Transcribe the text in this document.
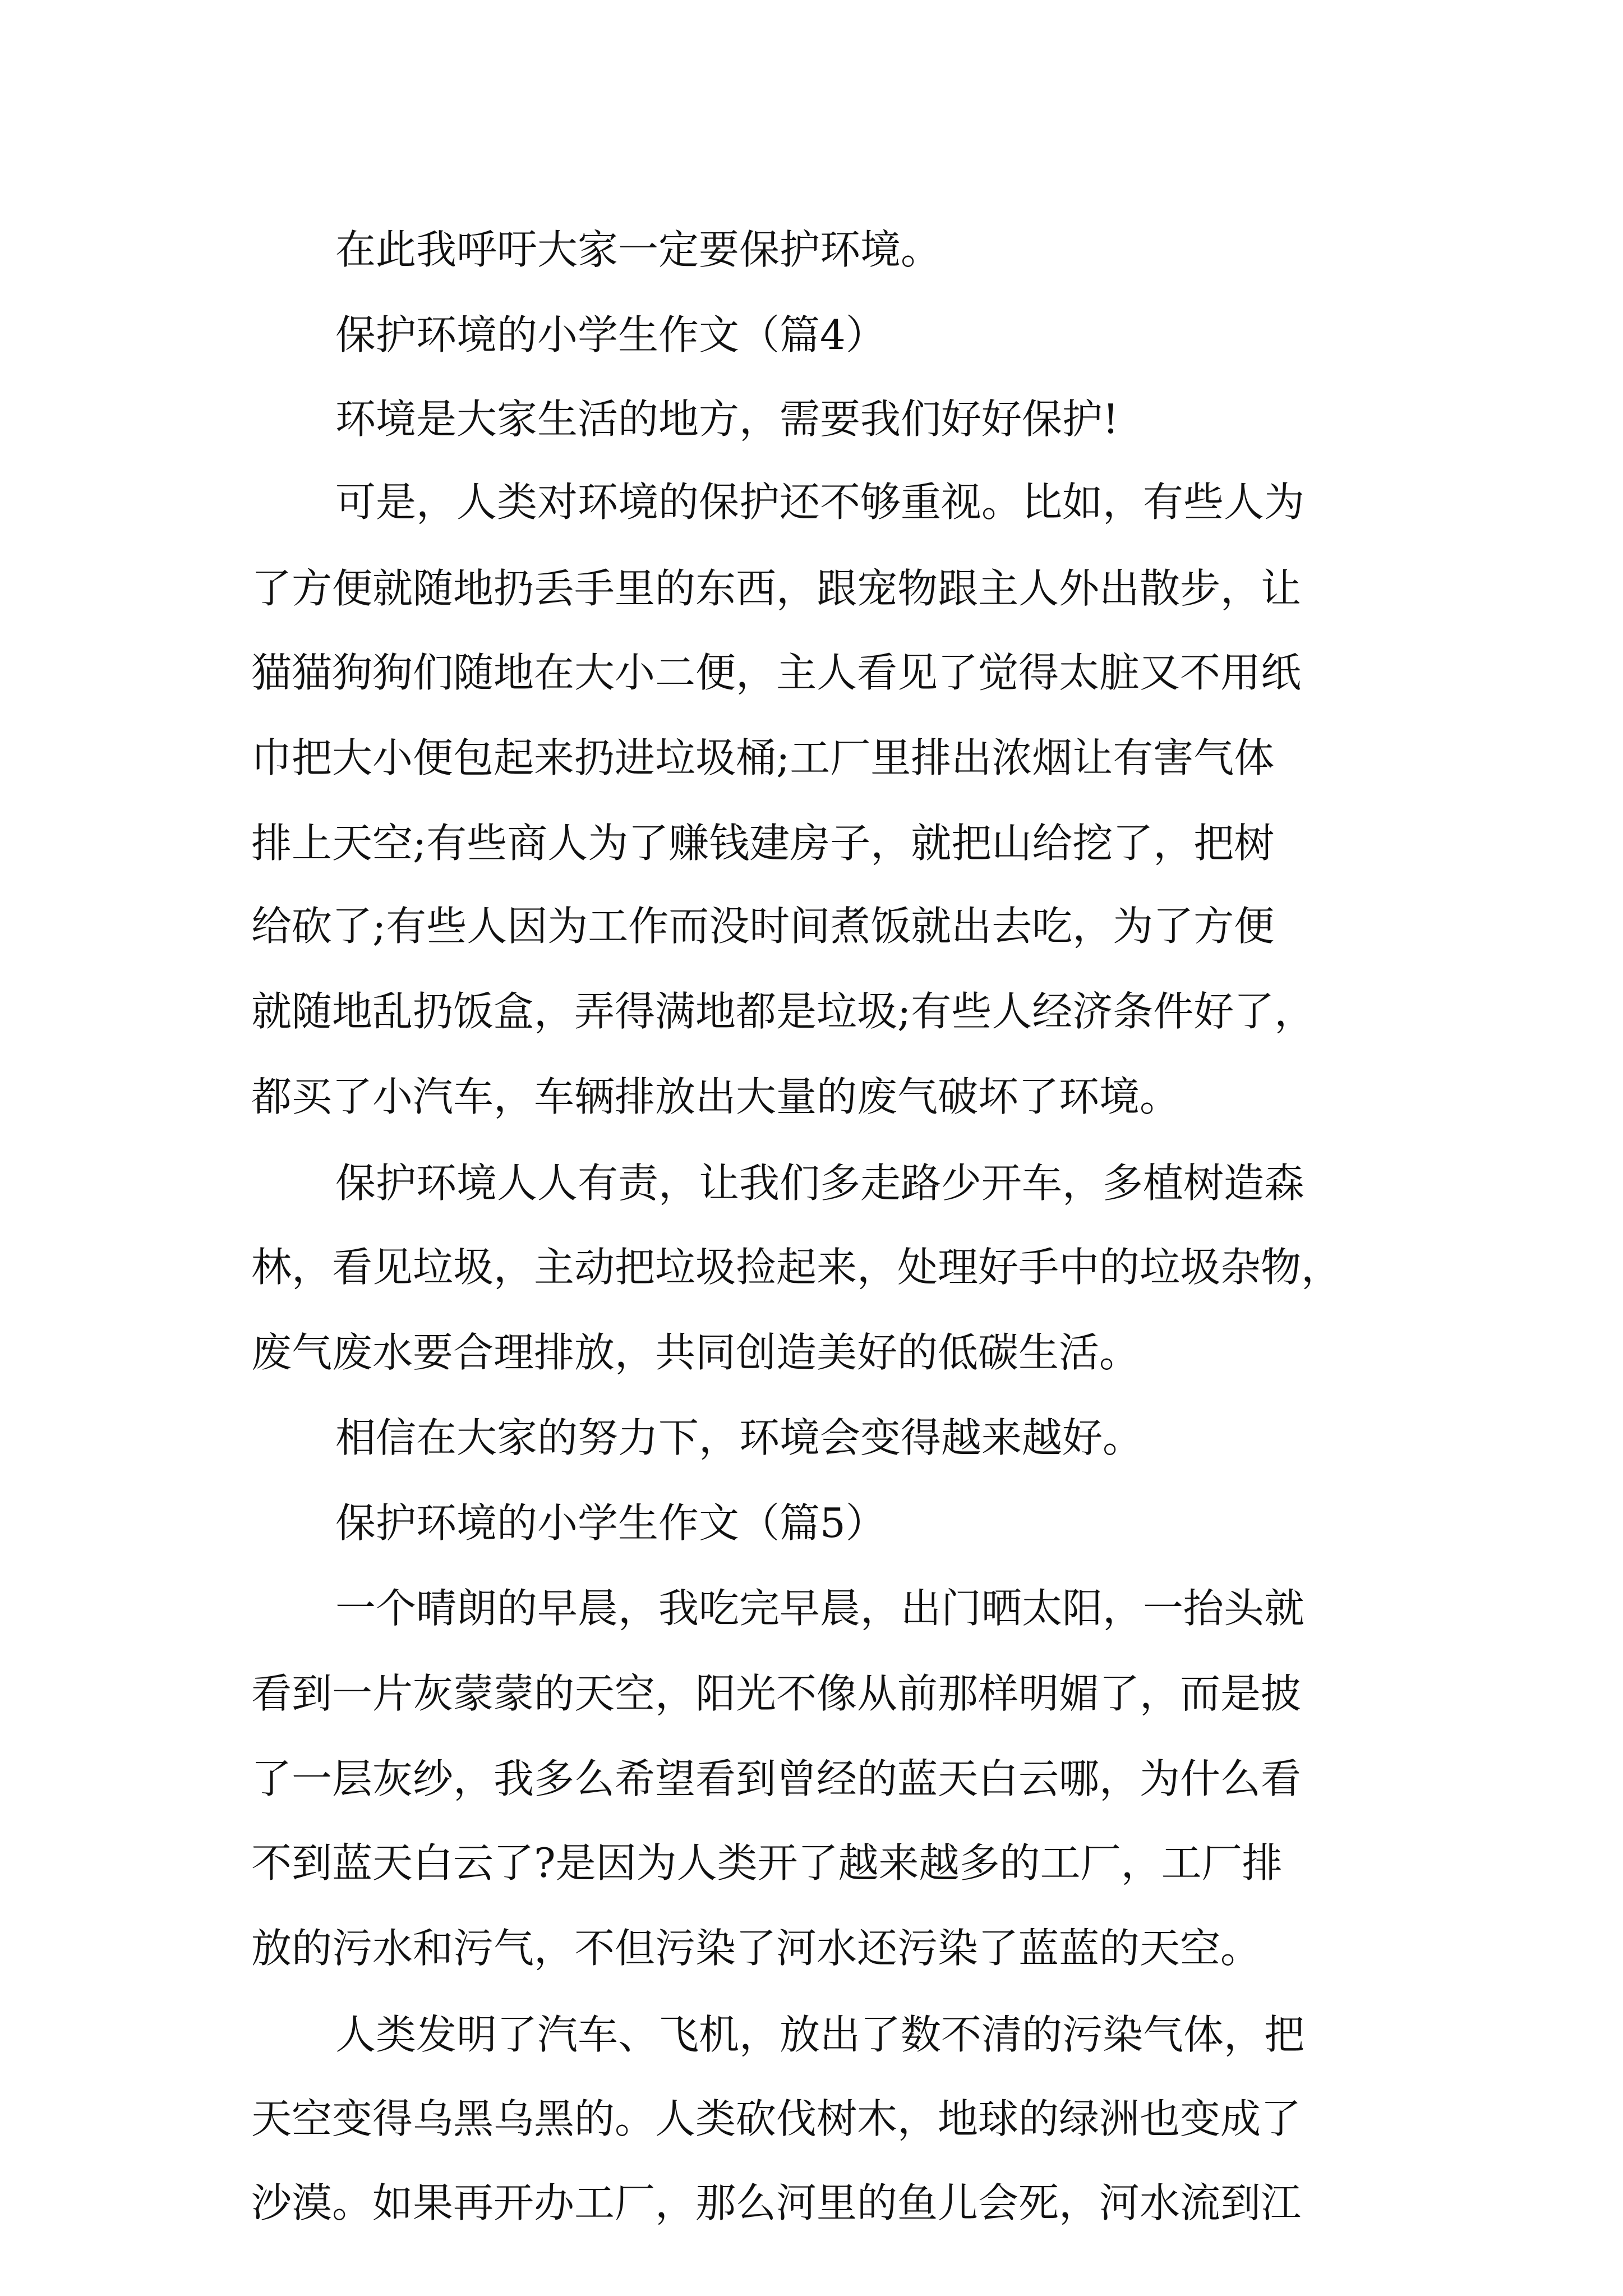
在此我呼吁大家一定要保护环境。

保护环境的小学生作文（篇4）

环境是大家生活的地方，需要我们好好保护!

可是，人类对环境的保护还不够重视。比如，有些人为

了方便就随地扔丢手里的东西，跟宠物跟主人外出散步，让

猫猫狗狗们随地在大小二便，主人看见了觉得太脏又不用纸

巾把大小便包起来扔进垃圾桶;工厂里排出浓烟让有害气体

排上天空;有些商人为了赚钱建房子，就把山给挖了，把树

给砍了;有些人因为工作而没时间煮饭就出去吃，为了方便

就随地乱扔饭盒，弄得满地都是垃圾;有些人经济条件好了，

都买了小汽车，车辆排放出大量的废气破坏了环境。

保护环境人人有责，让我们多走路少开车，多植树造森

林，看见垃圾，主动把垃圾捡起来，处理好手中的垃圾杂物，

废气废水要合理排放，共同创造美好的低碳生活。

相信在大家的努力下，环境会变得越来越好。

保护环境的小学生作文（篇5）

一个晴朗的早晨，我吃完早晨，出门晒太阳，一抬头就

看到一片灰蒙蒙的天空，阳光不像从前那样明媚了，而是披

了一层灰纱，我多么希望看到曾经的蓝天白云哪，为什么看

不到蓝天白云了?是因为人类开了越来越多的工厂，工厂排

放的污水和污气，不但污染了河水还污染了蓝蓝的天空。

人类发明了汽车、飞机，放出了数不清的污染气体，把

天空变得乌黑乌黑的。人类砍伐树木，地球的绿洲也变成了

沙漠。如果再开办工厂，那么河里的鱼儿会死，河水流到江
